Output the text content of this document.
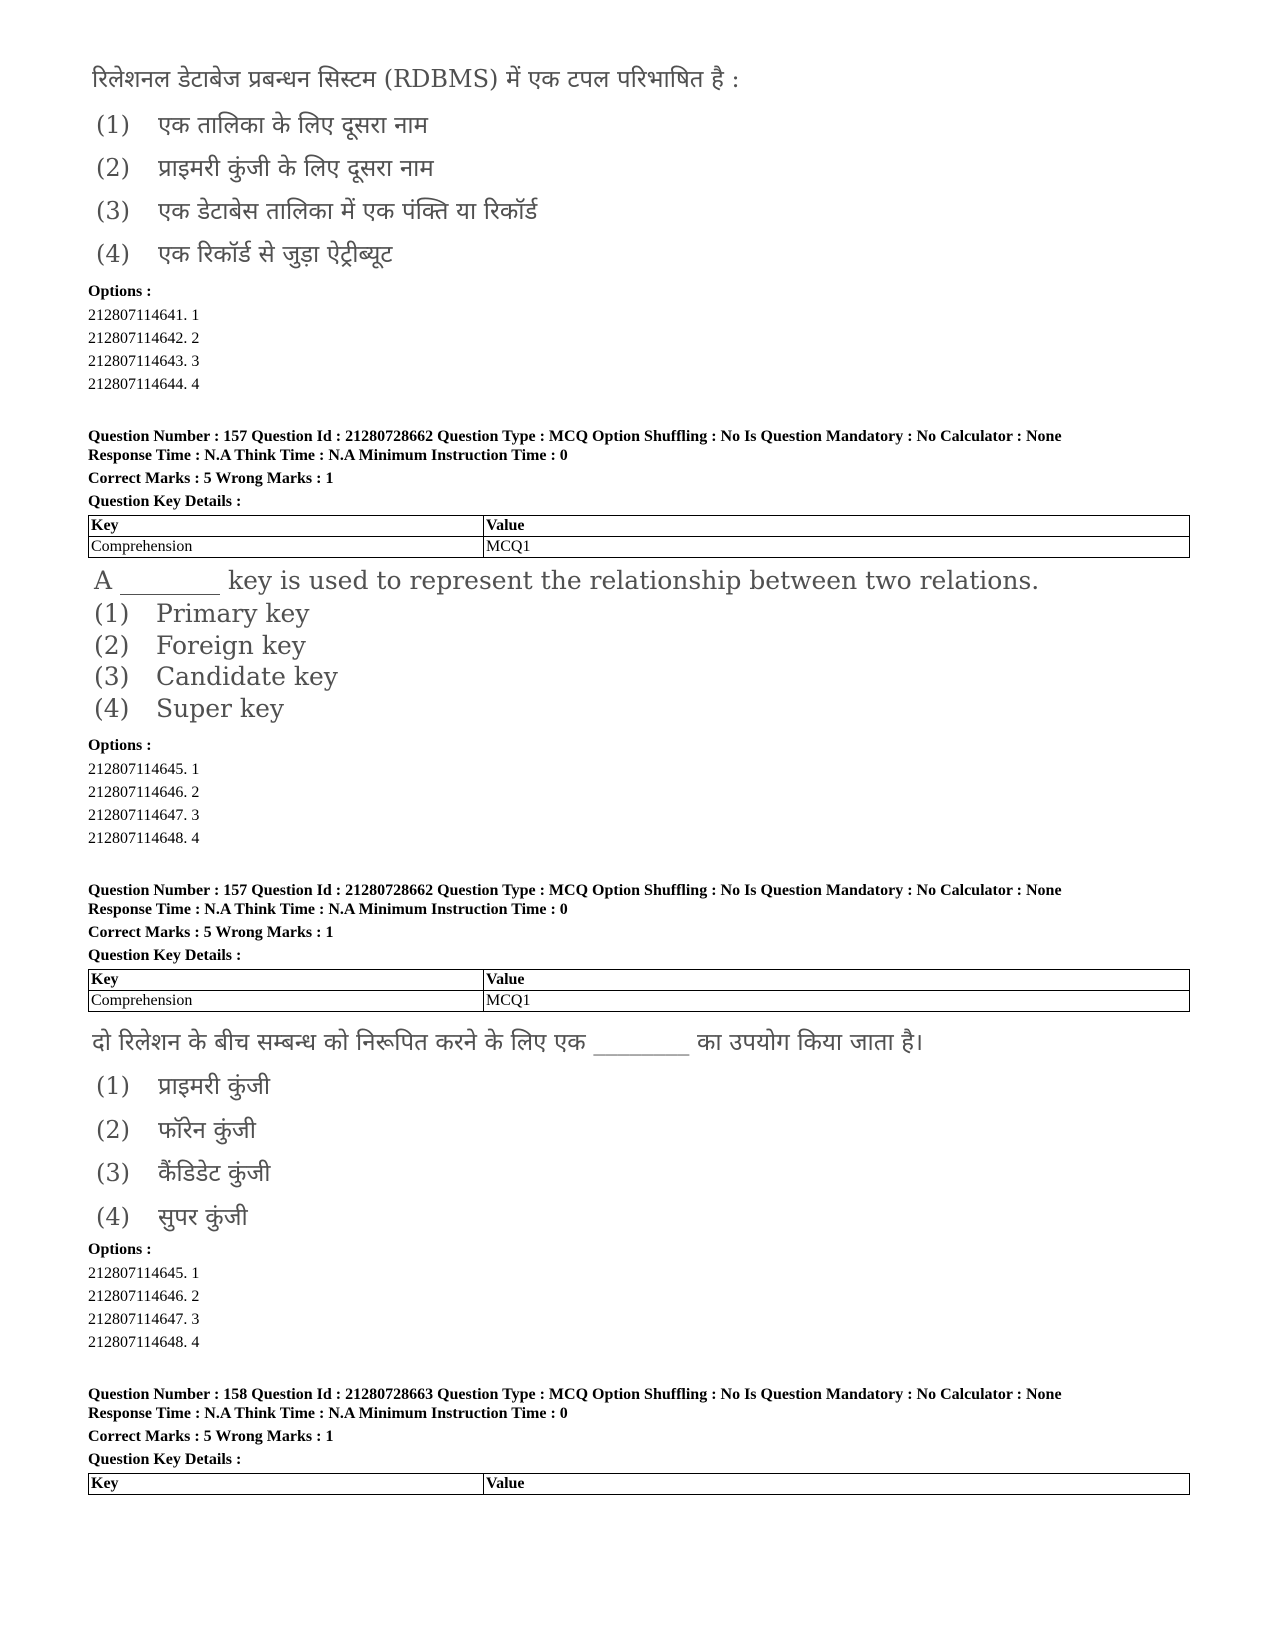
रिलेशनल डेटाबेज प्रबन्धन सिस्टम (RDBMS) में एक टपल परिभाषित है :
(1) एक तालिका के लिए दूसरा नाम
(2) प्राइमरी कुंजी के लिए दूसरा नाम
(3) एक डेटाबेस तालिका में एक पंक्ति या रिकॉर्ड
(4) एक रिकॉर्ड से जुड़ा ऐट्रीब्यूट
Options :
212807114641. 1
212807114642. 2
212807114643. 3
212807114644. 4
Question Number : 157 Question Id : 21280728662 Question Type : MCQ Option Shuffling : No Is Question Mandatory : No Calculator : None
Response Time : N.A Think Time : N.A Minimum Instruction Time : 0
Correct Marks : 5 Wrong Marks : 1
Question Key Details :
Key	Value
Comprehension	MCQ1
A ________ key is used to represent the relationship between two relations.
(1) Primary key
(2) Foreign key
(3) Candidate key
(4) Super key
Options :
212807114645. 1
212807114646. 2
212807114647. 3
212807114648. 4
Question Number : 157 Question Id : 21280728662 Question Type : MCQ Option Shuffling : No Is Question Mandatory : No Calculator : None
Response Time : N.A Think Time : N.A Minimum Instruction Time : 0
Correct Marks : 5 Wrong Marks : 1
Question Key Details :
Key	Value
Comprehension	MCQ1
दो रिलेशन के बीच सम्बन्ध को निरूपित करने के लिए एक ________ का उपयोग किया जाता है।
(1) प्राइमरी कुंजी
(2) फॉरेन कुंजी
(3) कैंडिडेट कुंजी
(4) सुपर कुंजी
Options :
212807114645. 1
212807114646. 2
212807114647. 3
212807114648. 4
Question Number : 158 Question Id : 21280728663 Question Type : MCQ Option Shuffling : No Is Question Mandatory : No Calculator : None
Response Time : N.A Think Time : N.A Minimum Instruction Time : 0
Correct Marks : 5 Wrong Marks : 1
Question Key Details :
Key	Value
